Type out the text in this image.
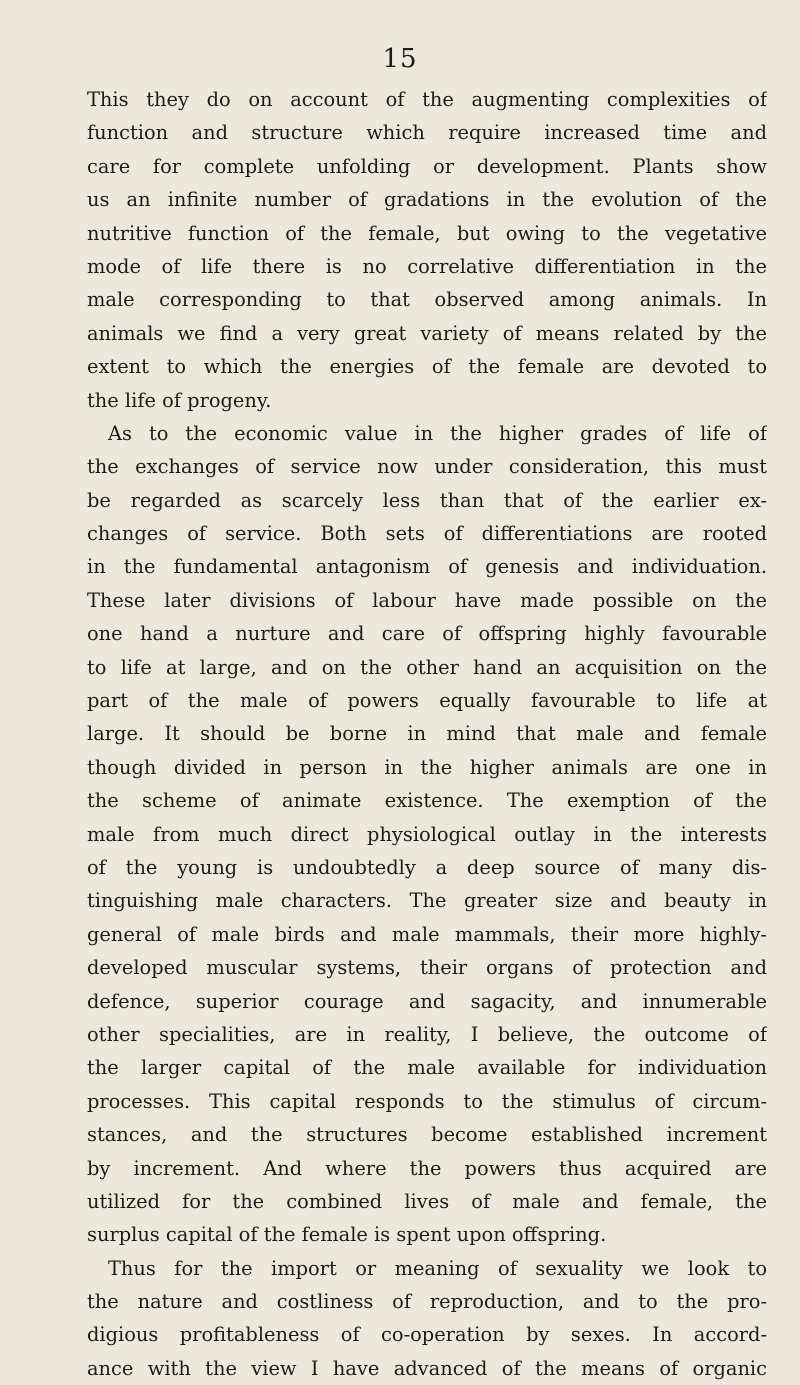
15
This they do on account of the augmenting complexities of
function and structure which require increased time and
care for complete unfolding or development. Plants show
us an infinite number of gradations in the evolution of the
nutritive function of the female, but owing to the vegetative
mode of life there is no correlative differentiation in the
male corresponding to that observed among animals. In
animals we find a very great variety of means related by the
extent to which the energies of the female are devoted to
the life of progeny.
As to the economic value in the higher grades of life of
the exchanges of service now under consideration, this must
be regarded as scarcely less than that of the earlier ex-
changes of service. Both sets of differentiations are rooted
in the fundamental antagonism of genesis and individuation.
These later divisions of labour have made possible on the
one hand a nurture and care of offspring highly favourable
to life at large, and on the other hand an acquisition on the
part of the male of powers equally favourable to life at
large. It should be borne in mind that male and female
though divided in person in the higher animals are one in
the scheme of animate existence. The exemption of the
male from much direct physiological outlay in the interests
of the young is undoubtedly a deep source of many dis-
tinguishing male characters. The greater size and beauty in
general of male birds and male mammals, their more highly-
developed muscular systems, their organs of protection and
defence, superior courage and sagacity, and innumerable
other specialities, are in reality, I believe, the outcome of
the larger capital of the male available for individuation
processes. This capital responds to the stimulus of circum-
stances, and the structures become established increment
by increment. And where the powers thus acquired are
utilized for the combined lives of male and female, the
surplus capital of the female is spent upon offspring.
Thus for the import or meaning of sexuality we look to
the nature and costliness of reproduction, and to the pro-
digious profitableness of co-operation by sexes. In accord-
ance with the view I have advanced of the means of organic
